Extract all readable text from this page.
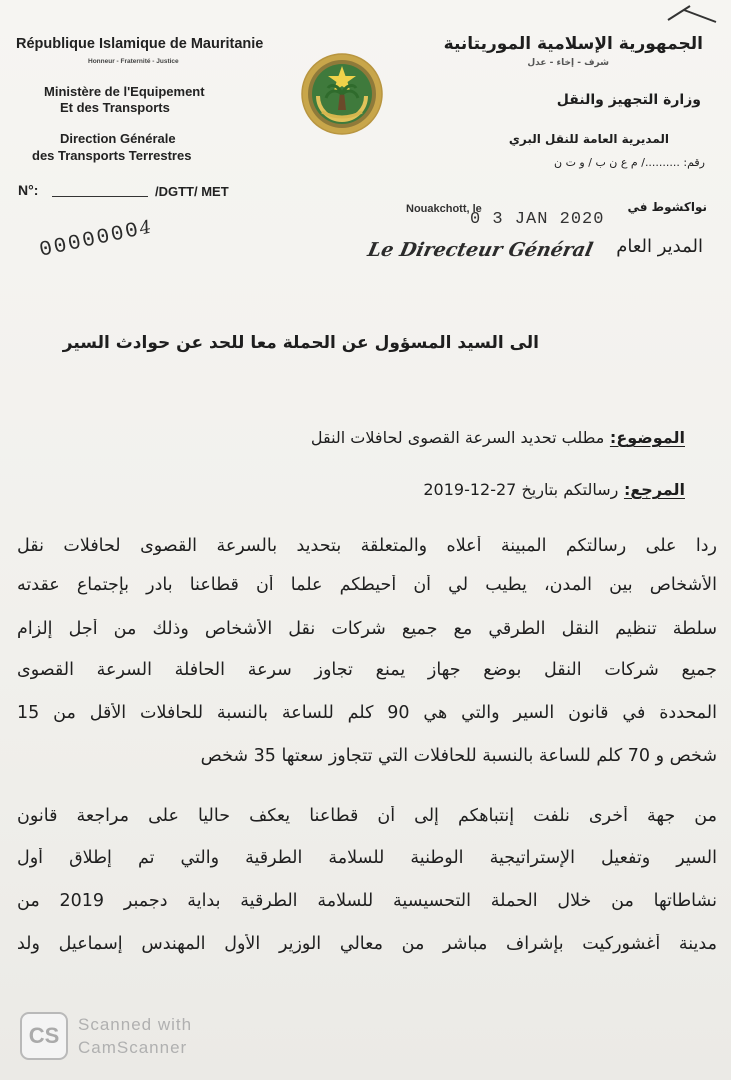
République Islamique de Mauritanie
Honneur - Fraternité - Justice
Ministère de l'Equipement
Et des Transports
Direction Générale
des Transports Terrestres
N°:	/DGTT/ MET
00000004
الجمهورية الإسلامية الموريتانية
شرف - إخاء - عدل
وزارة التجهيز والنقل
المديرية العامة للنقل البري
رقم: ........../ م ع ن ب / و ت ن
Nouakchott, le	نواكشوط في
0 3 JAN 2020
Le Directeur Général المدير العام
الى السيد المسؤول عن الحملة معا للحد عن حوادث السير
الموضوع: مطلب تحديد السرعة القصوى لحافلات النقل
المرجع: رسالتكم بتاريخ 27-12-2019
ردا على رسالتكم المبينة أعلاه والمتعلقة بتحديد بالسرعة القصوى لحافلات نقل
الأشخاص بين المدن، يطيب لي أن أحيطكم علما أن قطاعنا بادر بإجتماع عقدته
سلطة تنظيم النقل الطرقي مع جميع شركات نقل الأشخاص وذلك من أجل إلزام
جميع شركات النقل بوضع جهاز يمنع تجاوز سرعة الحافلة السرعة القصوى
المحددة في قانون السير والتي هي 90 كلم للساعة بالنسبة للحافلات الأقل من 15
شخص و 70 كلم للساعة بالنسبة للحافلات التي تتجاوز سعتها 35 شخص
من جهة أخرى نلفت إنتباهكم إلى أن قطاعنا يعكف حاليا على مراجعة قانون
السير وتفعيل الإستراتيجية الوطنية للسلامة الطرقية والتي تم إطلاق أول
نشاطاتها من خلال الحملة التحسيسية للسلامة الطرقية بداية دجمبر 2019 من
مدينة أغشوركيت بإشراف مباشر من معالي الوزير الأول المهندس إسماعيل ولد
CS	Scanned with
CamScanner
